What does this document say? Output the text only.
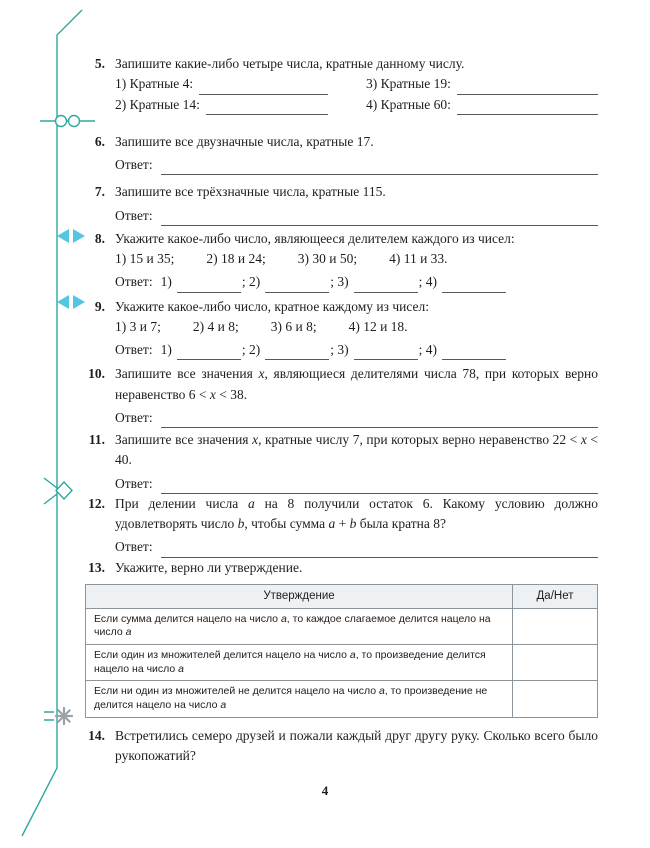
5. Запишите какие-либо четыре числа, кратные данному числу.

1) Кратные 4:	3) Кратные 19:
2) Кратные 14:	4) Кратные 60:
6. Запишите все двузначные числа, кратные 17.

Ответ:
7. Запишите все трёхзначные числа, кратные 115.

Ответ:
8. Укажите какое-либо число, являющееся делителем каждого из чисел:

1) 15 и 35; 2) 18 и 24; 3) 30 и 50; 4) 11 и 33.
Ответ: 1)	; 2)	; 3)	; 4)
9. Укажите какое-либо число, кратное каждому из чисел:

1) 3 и 7; 2) 4 и 8; 3) 6 и 8; 4) 12 и 18.
Ответ: 1)	; 2)	; 3)	; 4)
10. Запишите все значения x, являющиеся делителями числа 78, при которых верно неравенство 6 < x < 38.

Ответ:
11. Запишите все значения x, кратные числу 7, при которых верно неравенство 22 < x < 40.

Ответ:
12. При делении числа a на 8 получили остаток 6. Какому условию должно удовлетворять число b, чтобы сумма a + b была кратна 8?

Ответ:
13. Укажите, верно ли утверждение.

Утверждение	Да/Нет
Если сумма делится нацело на число a, то каждое слагаемое делится нацело на число a	
Если один из множителей делится нацело на число a, то произведение делится нацело на число a	
Если ни один из множителей не делится нацело на число a, то произведение не делится нацело на число a	
14. Встретились семеро друзей и пожали каждый друг другу руку. Сколько всего было рукопожатий?

4
